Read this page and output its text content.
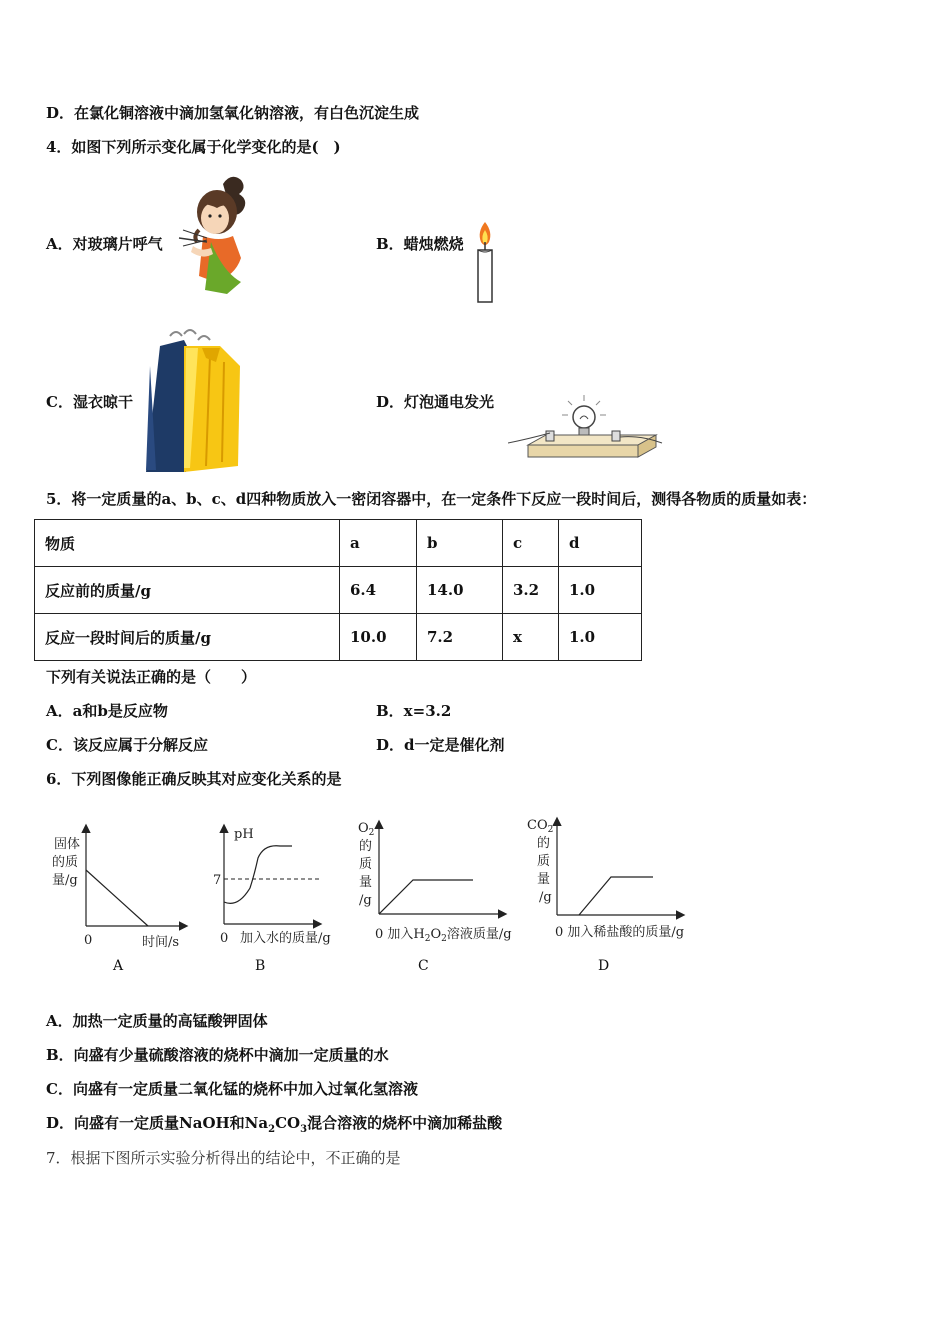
D．在氯化铜溶液中滴加氢氧化钠溶液，有白色沉淀生成
4．如图下列所示变化属于化学变化的是(　)
A．对玻璃片呼气	B．蜡烛燃烧
C．湿衣晾干	D．灯泡通电发光
5．将一定质量的a、b、c、d四种物质放入一密闭容器中，在一定条件下反应一段时间后，测得各物质的质量如表：
物质	a	b	c	d
反应前的质量/g	6.4	14.0	3.2	1.0
反应一段时间后的质量/g	10.0	7.2	x	1.0
下列有关说法正确的是（　　）
A．a和b是反应物	B．x=3.2
C．该反应属于分解反应	D．d一定是催化剂
6．下列图像能正确反映其对应变化关系的是
固体
的质
量/g
0	时间/s
A
pH
7
0 加入水的质量/g
B
$O_2$
的
质
量
/g
0 加入$H_2O_2$溶液质量/g
C
$CO_2$
的
质
量
/g
0 加入稀盐酸的质量/g
D
A．加热一定质量的高锰酸钾固体
B．向盛有少量硫酸溶液的烧杯中滴加一定质量的水
C．向盛有一定质量二氧化锰的烧杯中加入过氧化氢溶液
D．向盛有一定质量NaOH和$Na_2CO_3$混合溶液的烧杯中滴加稀盐酸
7．根据下图所示实验分析得出的结论中，不正确的是
